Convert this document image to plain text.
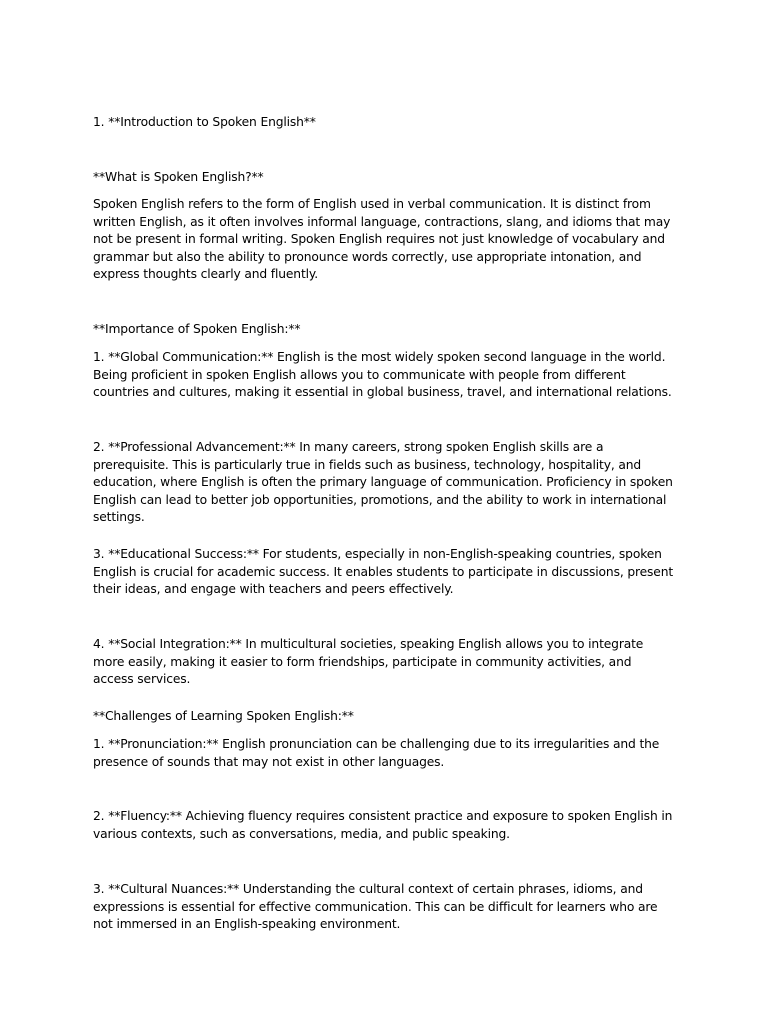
1. **Introduction to Spoken English**
**What is Spoken English?**
Spoken English refers to the form of English used in verbal communication. It is distinct from written English, as it often involves informal language, contractions, slang, and idioms that may not be present in formal writing. Spoken English requires not just knowledge of vocabulary and grammar but also the ability to pronounce words correctly, use appropriate intonation, and express thoughts clearly and fluently.
**Importance of Spoken English:**
1. **Global Communication:** English is the most widely spoken second language in the world. Being proficient in spoken English allows you to communicate with people from different countries and cultures, making it essential in global business, travel, and international relations.
2. **Professional Advancement:** In many careers, strong spoken English skills are a prerequisite. This is particularly true in fields such as business, technology, hospitality, and education, where English is often the primary language of communication. Proficiency in spoken English can lead to better job opportunities, promotions, and the ability to work in international settings.
3. **Educational Success:** For students, especially in non-English-speaking countries, spoken English is crucial for academic success. It enables students to participate in discussions, present their ideas, and engage with teachers and peers effectively.
4. **Social Integration:** In multicultural societies, speaking English allows you to integrate more easily, making it easier to form friendships, participate in community activities, and access services.
**Challenges of Learning Spoken English:**
1. **Pronunciation:** English pronunciation can be challenging due to its irregularities and the presence of sounds that may not exist in other languages.
2. **Fluency:** Achieving fluency requires consistent practice and exposure to spoken English in various contexts, such as conversations, media, and public speaking.
3. **Cultural Nuances:** Understanding the cultural context of certain phrases, idioms, and expressions is essential for effective communication. This can be difficult for learners who are not immersed in an English-speaking environment.
